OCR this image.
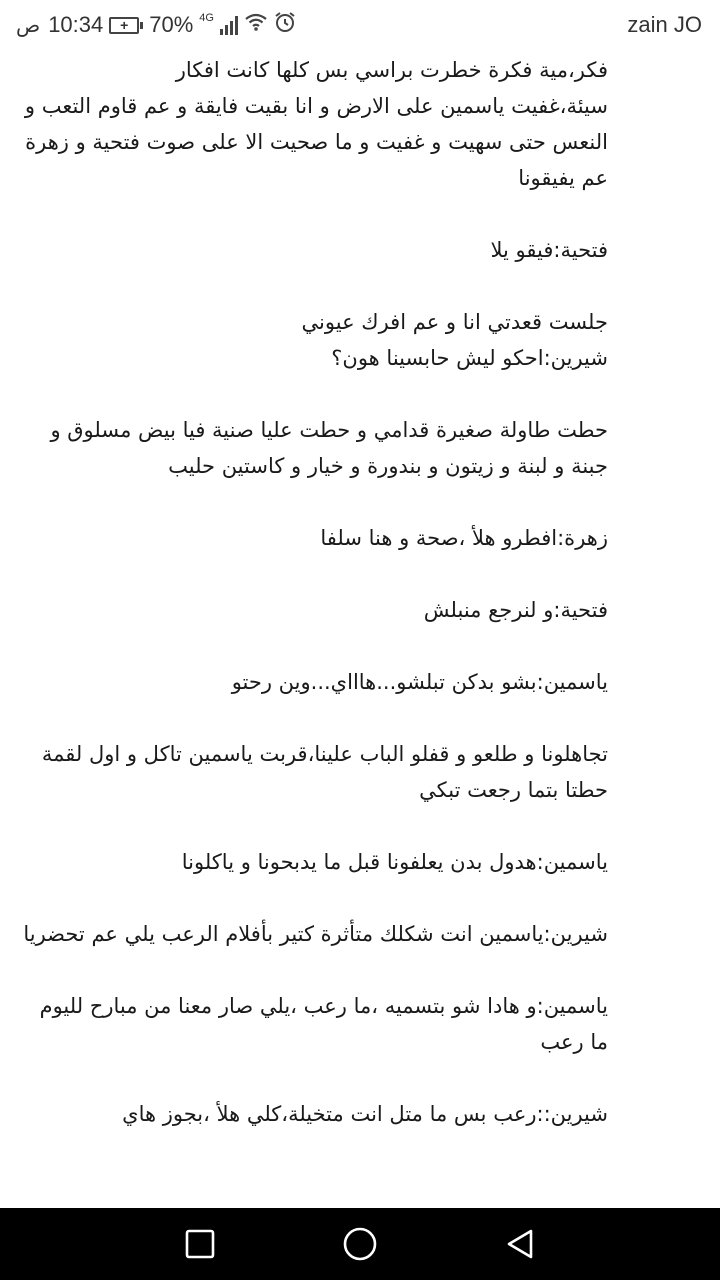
ص 10:34	+ 70% 4G	zain JO

فكر،مية فكرة خطرت براسي بس كلها كانت افكار
سيئة،غفيت ياسمين على الارض و انا بقيت فايقة و عم قاوم التعب و النعس حتى سهيت و غفيت و ما صحيت الا على صوت فتحية و زهرة عم يفيقونا

فتحية:فيقو يلا

جلست قعدتي انا و عم افرك عيوني
شيرين:احكو ليش حابسينا هون؟

حطت طاولة صغيرة قدامي و حطت عليا صنية فيا بيض مسلوق و جبنة و لبنة و زيتون و بندورة و خيار و كاستين حليب

زهرة:افطرو هلأ ،صحة و هنا سلفا

فتحية:و لنرجع منبلش

ياسمين:بشو بدكن تبلشو...هاااي...وين رحتو

تجاهلونا و طلعو و قفلو الباب علينا،قربت ياسمين تاكل و اول لقمة حطتا بتما رجعت تبكي

ياسمين:هدول بدن يعلفونا قبل ما يدبحونا و ياكلونا

شيرين:ياسمين انت شكلك متأثرة كتير بأفلام الرعب يلي عم تحضريا

ياسمين:و هادا شو بتسميه ،ما رعب ،يلي صار معنا من مبارح لليوم ما رعب

شيرين::رعب بس ما متل انت متخيلة،كلي هلأ ،بجوز هاي
